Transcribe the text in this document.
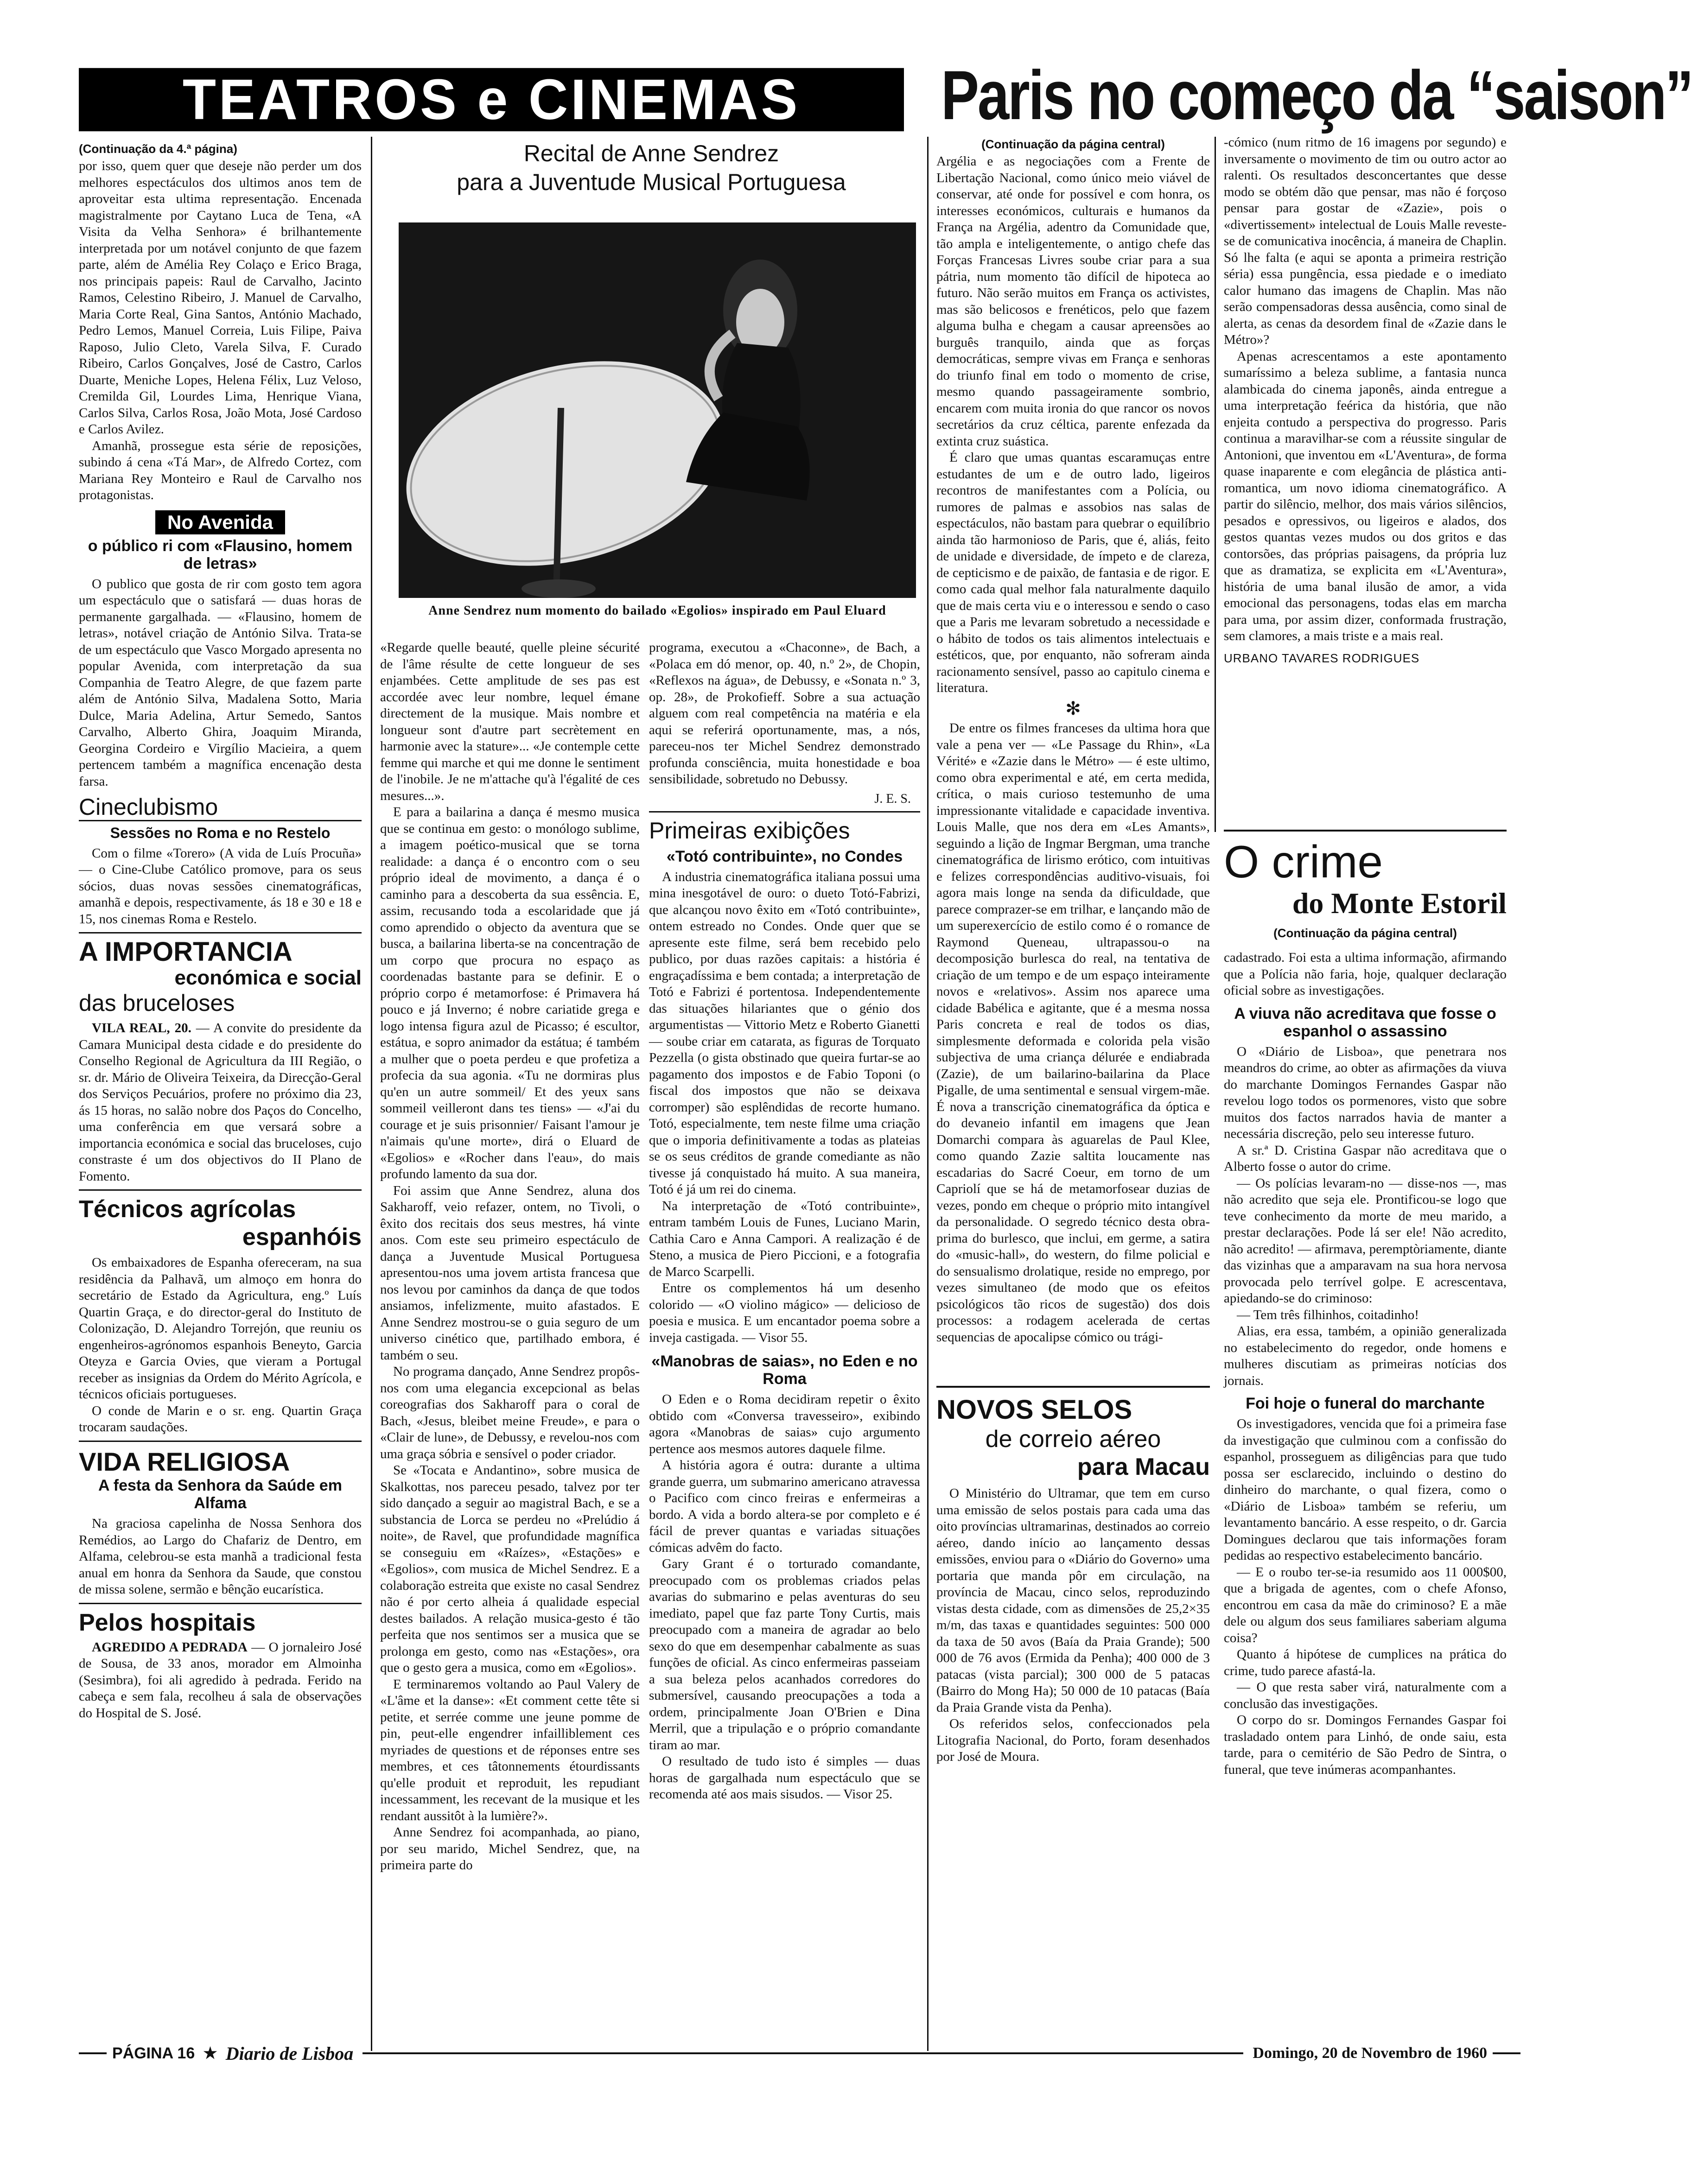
TEATROS e CINEMAS Paris no começo da “saison”
(Continuação da 4.ª página)

por isso, quem quer que deseje não perder um dos melhores espectáculos dos ultimos anos tem de aproveitar esta ultima representação. Encenada magistralmente por Caytano Luca de Tena, «A Visita da Velha Senhora» é brilhantemente interpretada por um notável conjunto de que fazem parte, além de Amélia Rey Colaço e Erico Braga, nos principais papeis: Raul de Carvalho, Jacinto Ramos, Celestino Ribeiro, J. Manuel de Carvalho, Maria Corte Real, Gina Santos, António Machado, Pedro Lemos, Manuel Correia, Luis Filipe, Paiva Raposo, Julio Cleto, Varela Silva, F. Curado Ribeiro, Carlos Gonçalves, José de Castro, Carlos Duarte, Meniche Lopes, Helena Félix, Luz Veloso, Cremilda Gil, Lourdes Lima, Henrique Viana, Carlos Silva, Carlos Rosa, João Mota, José Cardoso e Carlos Avilez.

Amanhã, prossegue esta série de reposições, subindo á cena «Tá Mar», de Alfredo Cortez, com Mariana Rey Monteiro e Raul de Carvalho nos protagonistas.

No Avenida
o público ri com «Flausino, homem de letras»

O publico que gosta de rir com gosto tem agora um espectáculo que o satisfará — duas horas de permanente gargalhada. — «Flausino, homem de letras», notável criação de António Silva. Trata-se de um espectáculo que Vasco Morgado apresenta no popular Avenida, com interpretação da sua Companhia de Teatro Alegre, de que fazem parte além de António Silva, Madalena Sotto, Maria Dulce, Maria Adelina, Artur Semedo, Santos Carvalho, Alberto Ghira, Joaquim Miranda, Georgina Cordeiro e Virgílio Macieira, a quem pertencem também a magnífica encenação desta farsa.

Cineclubismo
Sessões no Roma e no Restelo

Com o filme «Torero» (A vida de Luís Procuña» — o Cine-Clube Católico promove, para os seus sócios, duas novas sessões cinematográficas, amanhã e depois, respectivamente, ás 18 e 30 e 18 e 15, nos cinemas Roma e Restelo.

A IMPORTANCIA
económica e social
das bruceloses

VILA REAL, 20. — A convite do presidente da Camara Municipal desta cidade e do presidente do Conselho Regional de Agricultura da III Região, o sr. dr. Mário de Oliveira Teixeira, da Direcção-Geral dos Serviços Pecuários, profere no próximo dia 23, ás 15 horas, no salão nobre dos Paços do Concelho, uma conferência em que versará sobre a importancia económica e social das bruceloses, cujo constraste é um dos objectivos do II Plano de Fomento.

Técnicos agrícolas
espanhóis

Os embaixadores de Espanha ofereceram, na sua residência da Palhavã, um almoço em honra do secretário de Estado da Agricultura, eng.º Luís Quartin Graça, e do director-geral do Instituto de Colonização, D. Alejandro Torrejón, que reuniu os engenheiros-agrónomos espanhois Beneyto, Garcia Oteyza e Garcia Ovies, que vieram a Portugal receber as insignias da Ordem do Mérito Agrícola, e técnicos oficiais portugueses.

O conde de Marin e o sr. eng. Quartin Graça trocaram saudações.

VIDA RELIGIOSA
A festa da Senhora da Saúde em Alfama

Na graciosa capelinha de Nossa Senhora dos Remédios, ao Largo do Chafariz de Dentro, em Alfama, celebrou-se esta manhã a tradicional festa anual em honra da Senhora da Saude, que constou de missa solene, sermão e bênção eucarística.

Pelos hospitais

AGREDIDO A PEDRADA — O jornaleiro José de Sousa, de 33 anos, morador em Almoinha (Sesimbra), foi ali agredido à pedrada. Ferido na cabeça e sem fala, recolheu á sala de observações do Hospital de S. José.

Recital de Anne Sendrez
para a Juventude Musical Portuguesa
Anne Sendrez num momento do bailado «Egolios» inspirado em Paul Eluard

«Regarde quelle beauté, quelle pleine sécurité de l'âme résulte de cette longueur de ses enjambées. Cette amplitude de ses pas est accordée avec leur nombre, lequel émane directement de la musique. Mais nombre et longueur sont d'autre part secrètement en harmonie avec la stature»... «Je contemple cette femme qui marche et qui me donne le sentiment de l'inobile. Je ne m'attache qu'à l'égalité de ces mesures...».

E para a bailarina a dança é mesmo musica que se continua em gesto: o monólogo sublime, a imagem poético-musical que se torna realidade: a dança é o encontro com o seu próprio ideal de movimento, a dança é o caminho para a descoberta da sua essência. E, assim, recusando toda a escolaridade que já como aprendido o objecto da aventura que se busca, a bailarina liberta-se na concentração de um corpo que procura no espaço as coordenadas bastante para se definir. E o próprio corpo é metamorfose: é Primavera há pouco e já Inverno; é nobre cariatide grega e logo intensa figura azul de Picasso; é escultor, estátua, e sopro animador da estátua; é também a mulher que o poeta perdeu e que profetiza a profecia da sua agonia. «Tu ne dormiras plus qu'en un autre sommeil/ Et des yeux sans sommeil veilleront dans tes tiens» — «J'ai du courage et je suis prisonnier/ Faisant l'amour je n'aimais qu'une morte», dirá o Eluard de «Egolios» e «Rocher dans l'eau», do mais profundo lamento da sua dor.

Foi assim que Anne Sendrez, aluna dos Sakharoff, veio refazer, ontem, no Tivoli, o êxito dos recitais dos seus mestres, há vinte anos. Com este seu primeiro espectáculo de dança a Juventude Musical Portuguesa apresentou-nos uma jovem artista francesa que nos levou por caminhos da dança de que todos ansiamos, infelizmente, muito afastados. E Anne Sendrez mostrou-se o guia seguro de um universo cinético que, partilhado embora, é também o seu.

No programa dançado, Anne Sendrez propôs-nos com uma elegancia excepcional as belas coreografias dos Sakharoff para o coral de Bach, «Jesus, bleibet meine Freude», e para o «Clair de lune», de Debussy, e revelou-nos com uma graça sóbria e sensível o poder criador.

Se «Tocata e Andantino», sobre musica de Skalkottas, nos pareceu pesado, talvez por ter sido dançado a seguir ao magistral Bach, e se a substancia de Lorca se perdeu no «Prelúdio á noite», de Ravel, que profundidade magnífica se conseguiu em «Raízes», «Estações» e «Egolios», com musica de Michel Sendrez. E a colaboração estreita que existe no casal Sendrez não é por certo alheia á qualidade especial destes bailados. A relação musica-gesto é tão perfeita que nos sentimos ser a musica que se prolonga em gesto, como nas «Estações», ora que o gesto gera a musica, como em «Egolios».

E terminaremos voltando ao Paul Valery de «L'âme et la danse»: «Et comment cette tête si petite, et serrée comme une jeune pomme de pin, peut-elle engendrer infailliblement ces myriades de questions et de réponses entre ses membres, et ces tâtonnements étourdissants qu'elle produit et reproduit, les repudiant incessamment, les recevant de la musique et les rendant aussitôt à la lumière?».

Anne Sendrez foi acompanhada, ao piano, por seu marido, Michel Sendrez, que, na primeira parte do

programa, executou a «Chaconne», de Bach, a «Polaca em dó menor, op. 40, n.º 2», de Chopin, «Reflexos na água», de Debussy, e «Sonata n.º 3, op. 28», de Prokofieff. Sobre a sua actuação alguem com real competência na matéria e ela aqui se referirá oportunamente, mas, a nós, pareceu-nos ter Michel Sendrez demonstrado profunda consciência, muita honestidade e boa sensibilidade, sobretudo no Debussy.

J. E. S.
Primeiras exibições
«Totó contribuinte», no Condes

A industria cinematográfica italiana possui uma mina inesgotável de ouro: o dueto Totó-Fabrizi, que alcançou novo êxito em «Totó contribuinte», ontem estreado no Condes. Onde quer que se apresente este filme, será bem recebido pelo publico, por duas razões capitais: a história é engraçadíssima e bem contada; a interpretação de Totó e Fabrizi é portentosa. Independentemente das situações hilariantes que o génio dos argumentistas — Vittorio Metz e Roberto Gianetti — soube criar em catarata, as figuras de Torquato Pezzella (o gista obstinado que queira furtar-se ao pagamento dos impostos e de Fabio Toponi (o fiscal dos impostos que não se deixava corromper) são esplêndidas de recorte humano. Totó, especialmente, tem neste filme uma criação que o imporia definitivamente a todas as plateias se os seus créditos de grande comediante as não tivesse já conquistado há muito. A sua maneira, Totó é já um rei do cinema.

Na interpretação de «Totó contribuinte», entram também Louis de Funes, Luciano Marin, Cathia Caro e Anna Campori. A realização é de Steno, a musica de Piero Piccioni, e a fotografia de Marco Scarpelli.

Entre os complementos há um desenho colorido — «O violino mágico» — delicioso de poesia e musica. E um encantador poema sobre a inveja castigada. — Visor 55.

«Manobras de saias», no Eden e no Roma

O Eden e o Roma decidiram repetir o êxito obtido com «Conversa travesseiro», exibindo agora «Manobras de saias» cujo argumento pertence aos mesmos autores daquele filme.

A história agora é outra: durante a ultima grande guerra, um submarino americano atravessa o Pacifico com cinco freiras e enfermeiras a bordo. A vida a bordo altera-se por completo e é fácil de prever quantas e variadas situações cómicas advêm do facto.

Gary Grant é o torturado comandante, preocupado com os problemas criados pelas avarias do submarino e pelas aventuras do seu imediato, papel que faz parte Tony Curtis, mais preocupado com a maneira de agradar ao belo sexo do que em desempenhar cabalmente as suas funções de oficial. As cinco enfermeiras passeiam a sua beleza pelos acanhados corredores do submersível, causando preocupações a toda a ordem, principalmente Joan O'Brien e Dina Merril, que a tripulação e o próprio comandante tiram ao mar.

O resultado de tudo isto é simples — duas horas de gargalhada num espectáculo que se recomenda até aos mais sisudos. — Visor 25.

(Continuação da página central)

Argélia e as negociações com a Frente de Libertação Nacional, como único meio viável de conservar, até onde for possível e com honra, os interesses económicos, culturais e humanos da França na Argélia, adentro da Comunidade que, tão ampla e inteligentemente, o antigo chefe das Forças Francesas Livres soube criar para a sua pátria, num momento tão difícil de hipoteca ao futuro. Não serão muitos em França os activistes, mas são belicosos e frenéticos, pelo que fazem alguma bulha e chegam a causar apreensões ao burguês tranquilo, ainda que as forças democráticas, sempre vivas em França e senhoras do triunfo final em todo o momento de crise, mesmo quando passageiramente sombrio, encarem com muita ironia do que rancor os novos secretários da cruz céltica, parente enfezada da extinta cruz suástica.

É claro que umas quantas escaramuças entre estudantes de um e de outro lado, ligeiros recontros de manifestantes com a Polícia, ou rumores de palmas e assobios nas salas de espectáculos, não bastam para quebrar o equilíbrio ainda tão harmonioso de Paris, que é, aliás, feito de unidade e diversidade, de ímpeto e de clareza, de cepticismo e de paixão, de fantasia e de rigor. E como cada qual melhor fala naturalmente daquilo que de mais certa viu e o interessou e sendo o caso que a Paris me levaram sobretudo a necessidade e o hábito de todos os tais alimentos intelectuais e estéticos, que, por enquanto, não sofreram ainda racionamento sensível, passo ao capitulo cinema e literatura.

✻

De entre os filmes franceses da ultima hora que vale a pena ver — «Le Passage du Rhin», «La Vérité» e «Zazie dans le Métro» — é este ultimo, como obra experimental e até, em certa medida, crítica, o mais curioso testemunho de uma impressionante vitalidade e capacidade inventiva. Louis Malle, que nos dera em «Les Amants», seguindo a lição de Ingmar Bergman, uma tranche cinematográfica de lirismo erótico, com intuitivas e felizes correspondências auditivo-visuais, foi agora mais longe na senda da dificuldade, que parece comprazer-se em trilhar, e lançando mão de um superexercício de estilo como é o romance de Raymond Queneau, ultrapassou-o na decomposição burlesca do real, na tentativa de criação de um tempo e de um espaço inteiramente novos e «relativos». Assim nos aparece uma cidade Babélica e agitante, que é a mesma nossa Paris concreta e real de todos os dias, simplesmente deformada e colorida pela visão subjectiva de uma criança délurée e endiabrada (Zazie), de um bailarino-bailarina da Place Pigalle, de uma sentimental e sensual virgem-mãe. É nova a transcrição cinematográfica da óptica e do devaneio infantil em imagens que Jean Domarchi compara às aguarelas de Paul Klee, como quando Zazie saltita loucamente nas escadarias do Sacré Coeur, em torno de um Capriolí que se há de metamorfosear duzias de vezes, pondo em cheque o próprio mito intangível da personalidade. O segredo técnico desta obra-prima do burlesco, que inclui, em germe, a satira do «music-hall», do western, do filme policial e do sensualismo drolatique, reside no emprego, por vezes simultaneo (de modo que os efeitos psicológicos tão ricos de sugestão) dos dois processos: a rodagem acelerada de certas sequencias de apocalipse cómico ou trági-

-cómico (num ritmo de 16 imagens por segundo) e inversamente o movimento de tim ou outro actor ao ralenti. Os resultados desconcertantes que desse modo se obtém dão que pensar, mas não é forçoso pensar para gostar de «Zazie», pois o «divertissement» intelectual de Louis Malle reveste-se de comunicativa inocência, á maneira de Chaplin. Só lhe falta (e aqui se aponta a primeira restrição séria) essa pungência, essa piedade e o imediato calor humano das imagens de Chaplin. Mas não serão compensadoras dessa ausência, como sinal de alerta, as cenas da desordem final de «Zazie dans le Métro»?

Apenas acrescentamos a este apontamento sumaríssimo a beleza sublime, a fantasia nunca alambicada do cinema japonês, ainda entregue a uma interpretação feérica da história, que não enjeita contudo a perspectiva do progresso. Paris continua a maravilhar-se com a réussite singular de Antonioni, que inventou em «L'Aventura», de forma quase inaparente e com elegância de plástica anti-romantica, um novo idioma cinematográfico. A partir do silêncio, melhor, dos mais vários silêncios, pesados e opressivos, ou ligeiros e alados, dos gestos quantas vezes mudos ou dos gritos e das contorsões, das próprias paisagens, da própria luz que as dramatiza, se explicita em «L'Aventura», história de uma banal ilusão de amor, a vida emocional das personagens, todas elas em marcha para uma, por assim dizer, conformada frustração, sem clamores, a mais triste e a mais real.

URBANO TAVARES RODRIGUES
NOVOS SELOS
de correio aéreo
para Macau

O Ministério do Ultramar, que tem em curso uma emissão de selos postais para cada uma das oito províncias ultramarinas, destinados ao correio aéreo, dando início ao lançamento dessas emissões, enviou para o «Diário do Governo» uma portaria que manda pôr em circulação, na província de Macau, cinco selos, reproduzindo vistas desta cidade, com as dimensões de 25,2×35 m/m, das taxas e quantidades seguintes: 500 000 da taxa de 50 avos (Baía da Praia Grande); 500 000 de 76 avos (Ermida da Penha); 400 000 de 3 patacas (vista parcial); 300 000 de 5 patacas (Bairro do Mong Ha); 50 000 de 10 patacas (Baía da Praia Grande vista da Penha).

Os referidos selos, confeccionados pela Litografia Nacional, do Porto, foram desenhados por José de Moura.

O crime
do Monte Estoril
(Continuação da página central)

cadastrado. Foi esta a ultima informação, afirmando que a Polícia não faria, hoje, qualquer declaração oficial sobre as investigações.

A viuva não acreditava que fosse o espanhol o assassino

O «Diário de Lisboa», que penetrara nos meandros do crime, ao obter as afirmações da viuva do marchante Domingos Fernandes Gaspar não revelou logo todos os pormenores, visto que sobre muitos dos factos narrados havia de manter a necessária discreção, pelo seu interesse futuro.

A sr.ª D. Cristina Gaspar não acreditava que o Alberto fosse o autor do crime.

— Os polícias levaram-no — disse-nos —, mas não acredito que seja ele. Prontificou-se logo que teve conhecimento da morte de meu marido, a prestar declarações. Pode lá ser ele! Não acredito, não acredito! — afirmava, peremptòriamente, diante das vizinhas que a amparavam na sua hora nervosa provocada pelo terrível golpe. E acrescentava, apiedando-se do criminoso:

— Tem três filhinhos, coitadinho!

Alias, era essa, também, a opinião generalizada no estabelecimento do regedor, onde homens e mulheres discutiam as primeiras notícias dos jornais.

Foi hoje o funeral do marchante

Os investigadores, vencida que foi a primeira fase da investigação que culminou com a confissão do espanhol, prosseguem as diligências para que tudo possa ser esclarecido, incluindo o destino do dinheiro do marchante, o qual fizera, como o «Diário de Lisboa» também se referiu, um levantamento bancário. A esse respeito, o dr. Garcia Domingues declarou que tais informações foram pedidas ao respectivo estabelecimento bancário.

— E o roubo ter-se-ia resumido aos 11 000$00, que a brigada de agentes, com o chefe Afonso, encontrou em casa da mãe do criminoso? E a mãe dele ou algum dos seus familiares saberiam alguma coisa?

Quanto á hipótese de cumplices na prática do crime, tudo parece afastá-la.

— O que resta saber virá, naturalmente com a conclusão das investigações.

O corpo do sr. Domingos Fernandes Gaspar foi trasladado ontem para Linhó, de onde saiu, esta tarde, para o cemitério de São Pedro de Sintra, o funeral, que teve inúmeras acompanhantes.

PÁGINA 16 ★ Diario de Lisboa	Domingo, 20 de Novembro de 1960
